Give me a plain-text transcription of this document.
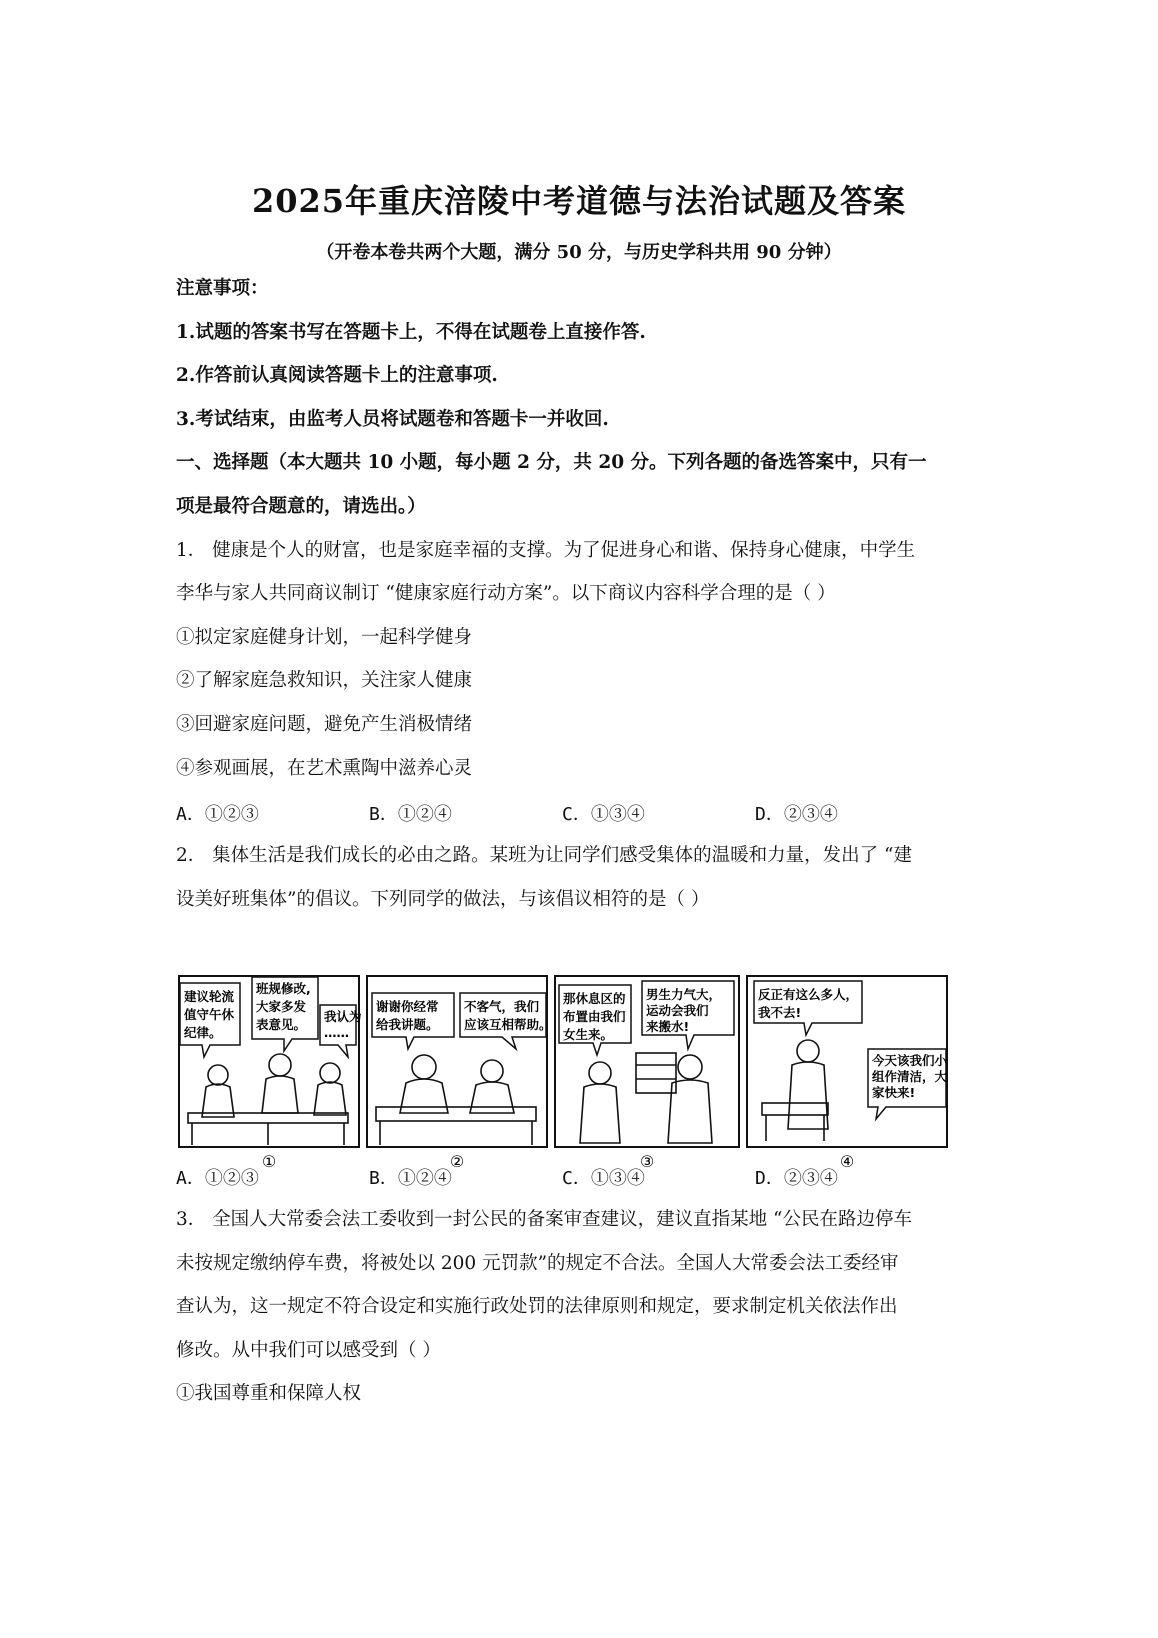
2025年重庆涪陵中考道德与法治试题及答案
（开卷本卷共两个大题，满分 50 分，与历史学科共用 90 分钟）
注意事项：
1.试题的答案书写在答题卡上，不得在试题卷上直接作答.
2.作答前认真阅读答题卡上的注意事项.
3.考试结束，由监考人员将试题卷和答题卡一并收回.
一、选择题（本大题共 10 小题，每小题 2 分，共 20 分。下列各题的备选答案中，只有一
项是最符合题意的，请选出。）
1． 健康是个人的财富，也是家庭幸福的支撑。为了促进身心和谐、保持身心健康，中学生
李华与家人共同商议制订 “健康家庭行动方案”。以下商议内容科学合理的是（ ）
①拟定家庭健身计划，一起科学健身
②了解家庭急救知识，关注家人健康
③回避家庭问题，避免产生消极情绪
④参观画展，在艺术熏陶中滋养心灵
A．①②③	B．①②④	C．①③④	D．②③④
2． 集体生活是我们成长的必由之路。某班为让同学们感受集体的温暖和力量，发出了 “建
设美好班集体”的倡议。下列同学的做法，与该倡议相符的是（ ）
建议轮流
值守午休
纪律。
班规修改,
大家多发
表意见。
我认为
……
①
谢谢你经常
给我讲题。
不客气，我们
应该互相帮助。
②
那休息区的
布置由我们
女生来。
男生力气大，
运动会我们
来搬水!
③
反正有这么多人，
我不去!
今天该我们小
组作清洁，大
家快来!
④
A．①②③	B．①②④	C．①③④	D．②③④
3． 全国人大常委会法工委收到一封公民的备案审查建议，建议直指某地 “公民在路边停车
未按规定缴纳停车费，将被处以 200 元罚款”的规定不合法。全国人大常委会法工委经审
查认为，这一规定不符合设定和实施行政处罚的法律原则和规定，要求制定机关依法作出
修改。从中我们可以感受到（ ）
①我国尊重和保障人权
